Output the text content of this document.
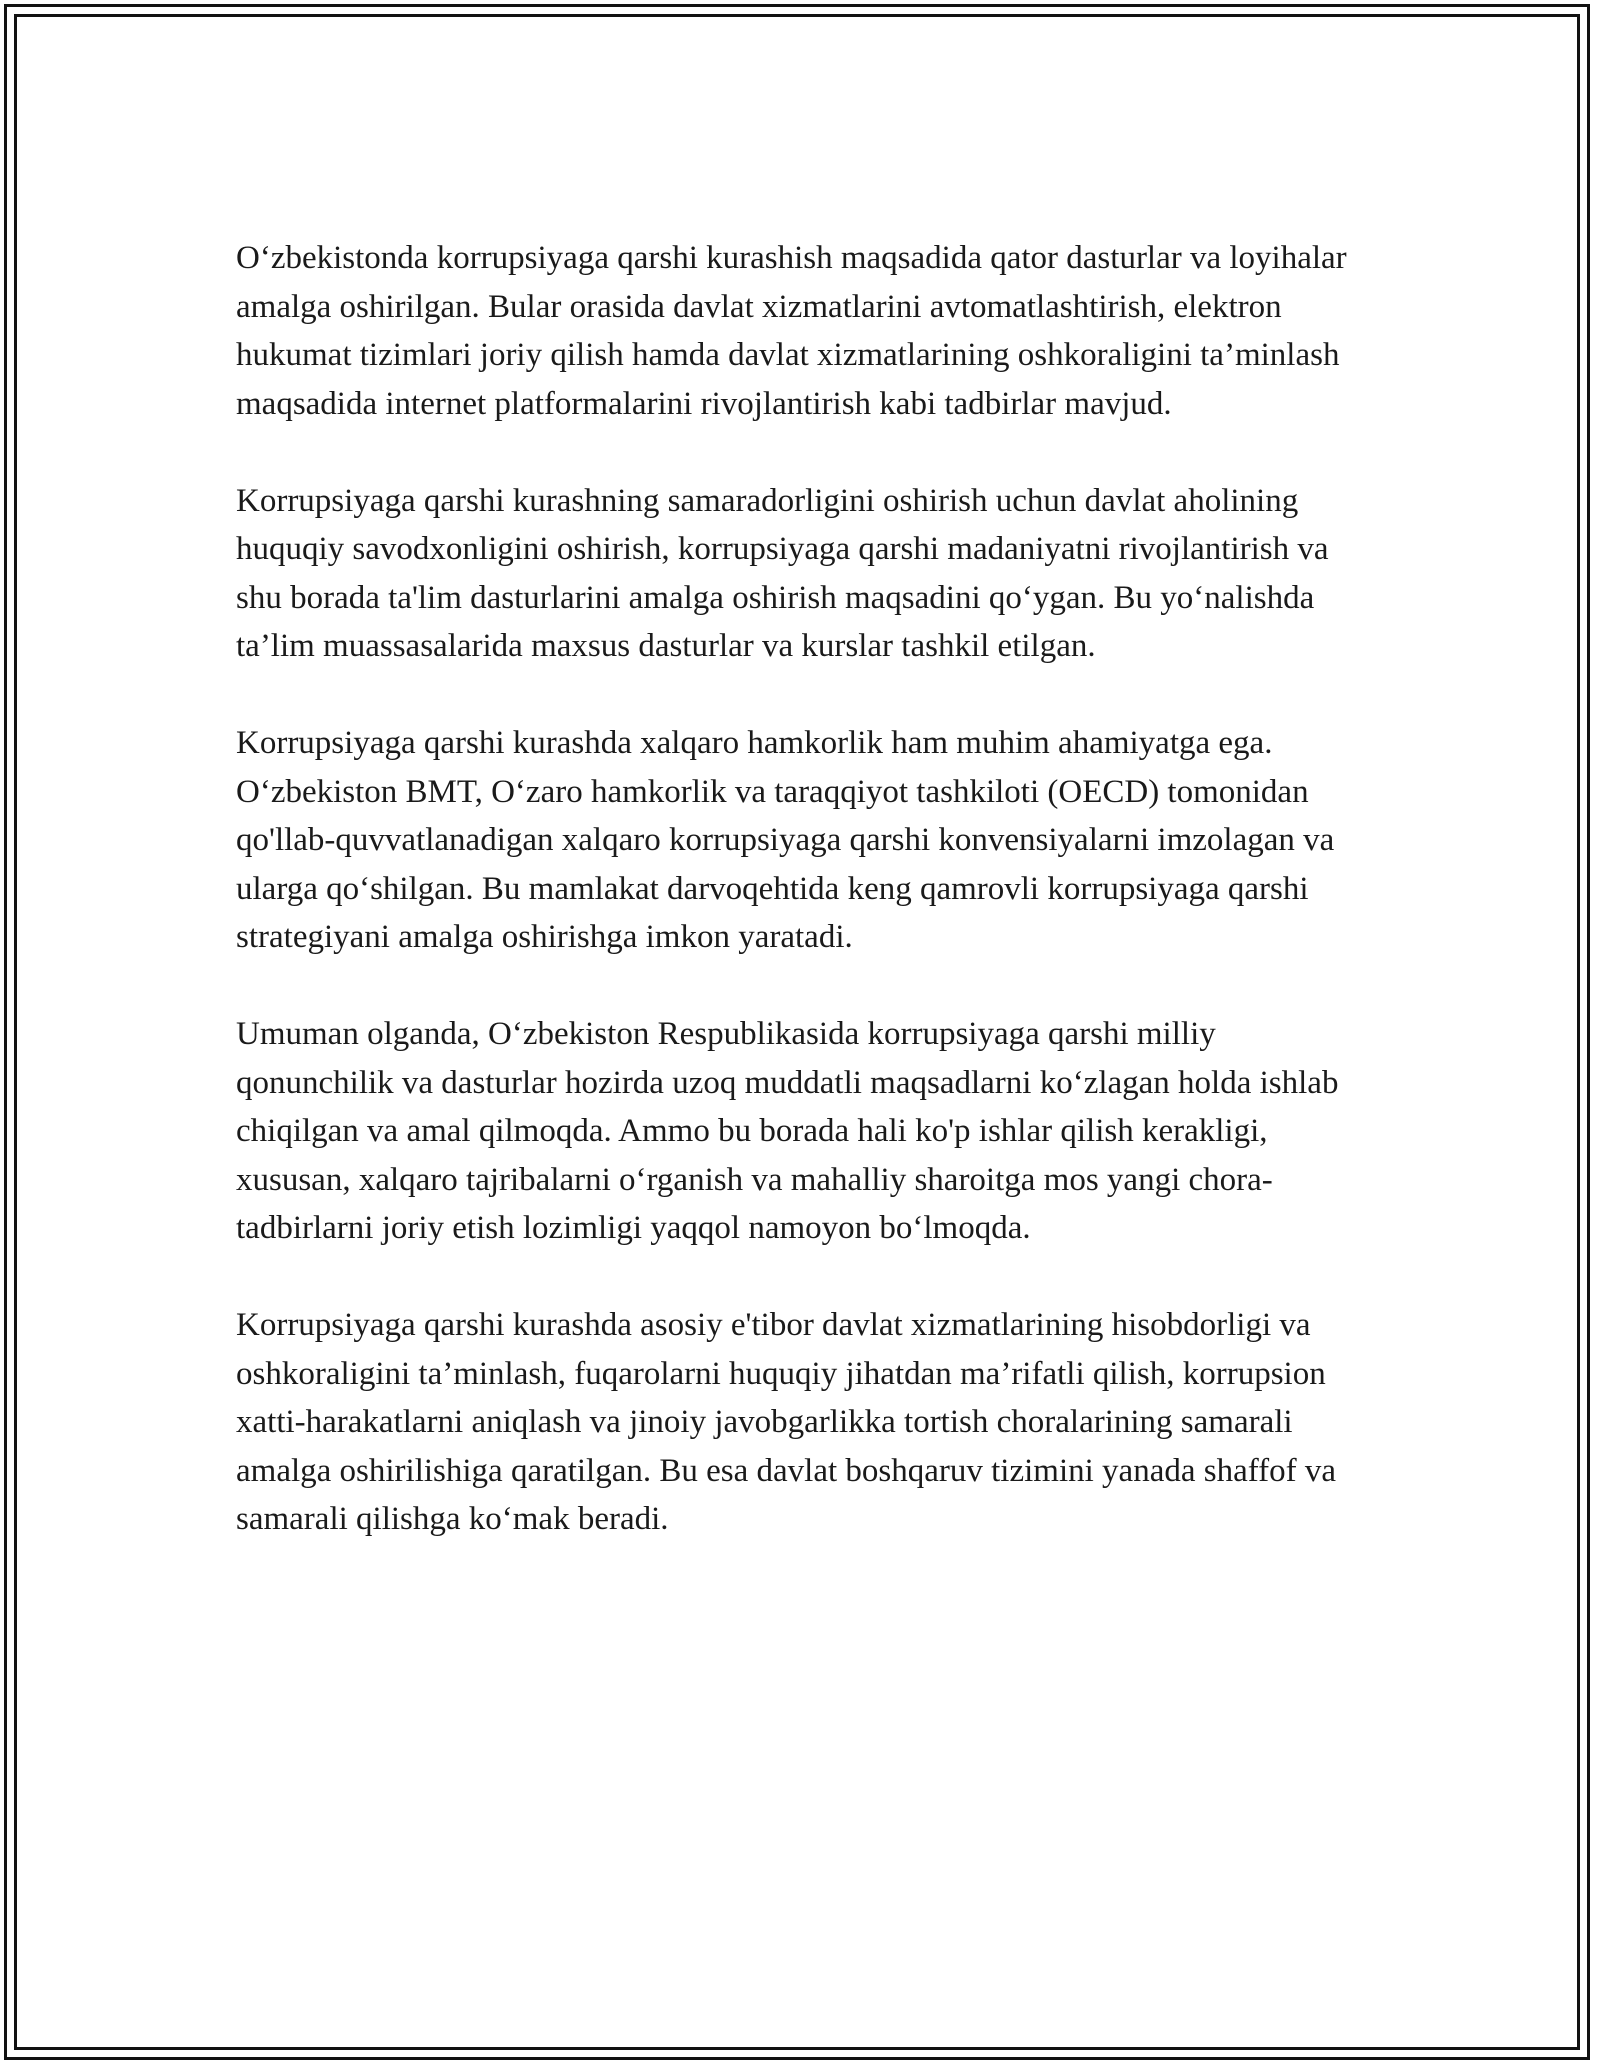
O‘zbekistonda korrupsiyaga qarshi kurashish maqsadida qator dasturlar va loyihalar amalga oshirilgan. Bular orasida davlat xizmatlarini avtomatlashtirish, elektron hukumat tizimlari joriy qilish hamda davlat xizmatlarining oshkoraligini ta’minlash maqsadida internet platformalarini rivojlantirish kabi tadbirlar mavjud.

Korrupsiyaga qarshi kurashning samaradorligini oshirish uchun davlat aholining huquqiy savodxonligini oshirish, korrupsiyaga qarshi madaniyatni rivojlantirish va shu borada ta'lim dasturlarini amalga oshirish maqsadini qo‘ygan. Bu yo‘nalishda ta’lim muassasalarida maxsus dasturlar va kurslar tashkil etilgan.

Korrupsiyaga qarshi kurashda xalqaro hamkorlik ham muhim ahamiyatga ega. O‘zbekiston BMT, O‘zaro hamkorlik va taraqqiyot tashkiloti (OECD) tomonidan qo'llab-quvvatlanadigan xalqaro korrupsiyaga qarshi konvensiyalarni imzolagan va ularga qo‘shilgan. Bu mamlakat darvoqehtida keng qamrovli korrupsiyaga qarshi strategiyani amalga oshirishga imkon yaratadi.

Umuman olganda, O‘zbekiston Respublikasida korrupsiyaga qarshi milliy qonunchilik va dasturlar hozirda uzoq muddatli maqsadlarni ko‘zlagan holda ishlab chiqilgan va amal qilmoqda. Ammo bu borada hali ko'p ishlar qilish kerakligi, xususan, xalqaro tajribalarni o‘rganish va mahalliy sharoitga mos yangi chora-tadbirlarni joriy etish lozimligi yaqqol namoyon bo‘lmoqda.

Korrupsiyaga qarshi kurashda asosiy e'tibor davlat xizmatlarining hisobdorligi va oshkoraligini ta’minlash, fuqarolarni huquqiy jihatdan ma’rifatli qilish, korrupsion xatti-harakatlarni aniqlash va jinoiy javobgarlikka tortish choralarining samarali amalga oshirilishiga qaratilgan. Bu esa davlat boshqaruv tizimini yanada shaffof va samarali qilishga ko‘mak beradi.
